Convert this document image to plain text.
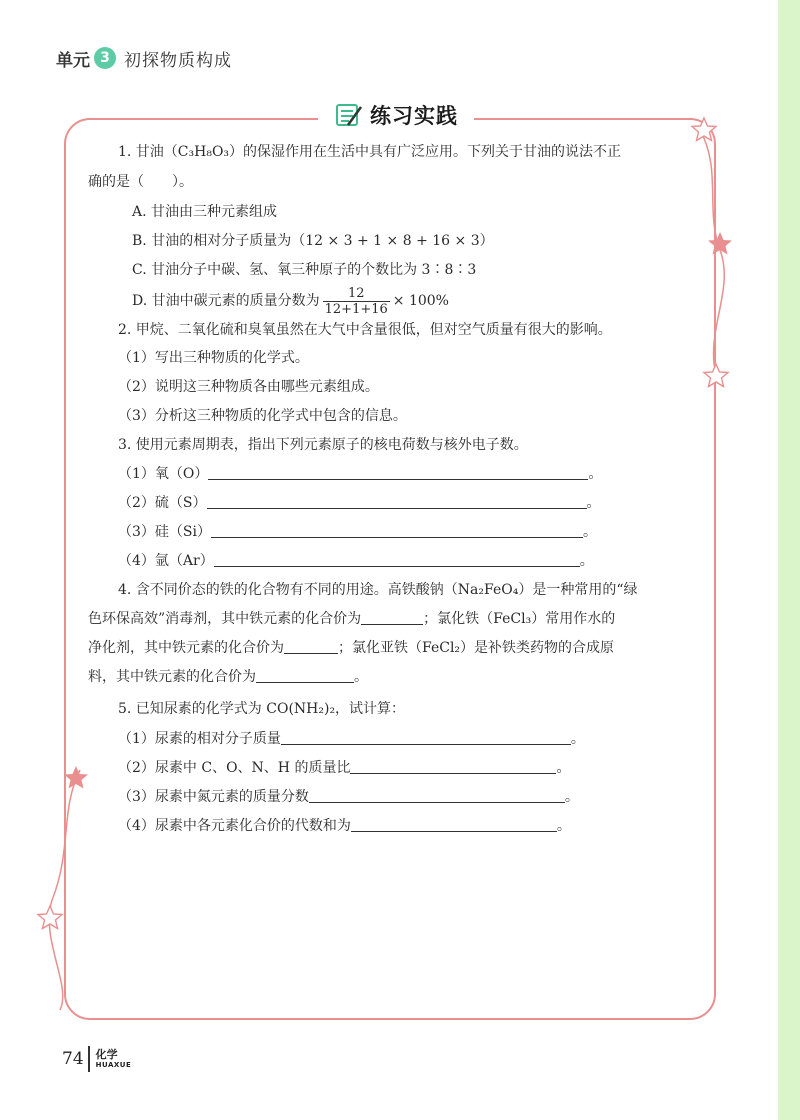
单元 3 初探物质构成
练习实践
1. 甘油（C₃H₈O₃）的保湿作用在生活中具有广泛应用。下列关于甘油的说法不正
确的是（　　）。
A. 甘油由三种元素组成
B. 甘油的相对分子质量为（12 × 3 + 1 × 8 + 16 × 3）
C. 甘油分子中碳、氢、氧三种原子的个数比为 3∶8∶3
D. 甘油中碳元素的质量分数为 $\frac{12}{12+1+16} \times 100\%$
2. 甲烷、二氧化硫和臭氧虽然在大气中含量很低，但对空气质量有很大的影响。
（1）写出三种物质的化学式。
（2）说明这三种物质各由哪些元素组成。
（3）分析这三种物质的化学式中包含的信息。
3. 使用元素周期表，指出下列元素原子的核电荷数与核外电子数。
（1）氧（O）	。
（2）硫（S）	。
（3）硅（Si）	。
（4）氩（Ar）	。
4. 含不同价态的铁的化合物有不同的用途。高铁酸钠（Na₂FeO₄）是一种常用的“绿
色环保高效”消毒剂，其中铁元素的化合价为	；氯化铁（FeCl₃）常用作水的
净化剂，其中铁元素的化合价为	；氯化亚铁（FeCl₂）是补铁类药物的合成原
料，其中铁元素的化合价为	。
5. 已知尿素的化学式为 CO(NH₂)₂，试计算：
（1）尿素的相对分子质量	。
（2）尿素中 C、O、N、H 的质量比	。
（3）尿素中氮元素的质量分数	。
（4）尿素中各元素化合价的代数和为	。
74 化学
HUAXUE
